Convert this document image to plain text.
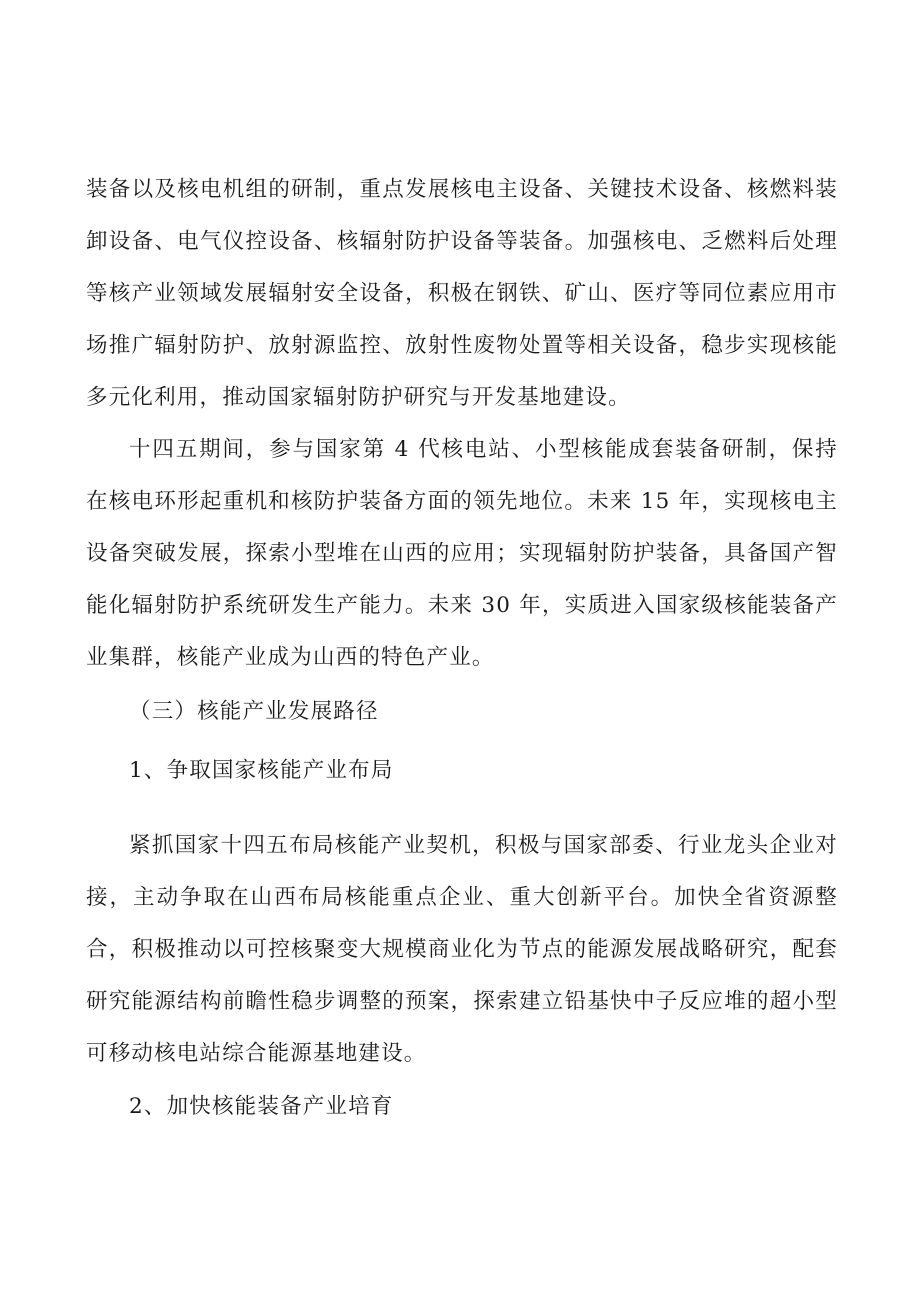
装备以及核电机组的研制，重点发展核电主设备、关键技术设备、核燃料装卸设备、电气仪控设备、核辐射防护设备等装备。加强核电、乏燃料后处理等核产业领域发展辐射安全设备，积极在钢铁、矿山、医疗等同位素应用市场推广辐射防护、放射源监控、放射性废物处置等相关设备，稳步实现核能多元化利用，推动国家辐射防护研究与开发基地建设。

十四五期间，参与国家第 4 代核电站、小型核能成套装备研制，保持在核电环形起重机和核防护装备方面的领先地位。未来 15 年，实现核电主设备突破发展，探索小型堆在山西的应用；实现辐射防护装备，具备国产智能化辐射防护系统研发生产能力。未来 30 年，实质进入国家级核能装备产业集群，核能产业成为山西的特色产业。

（三）核能产业发展路径

1、争取国家核能产业布局

紧抓国家十四五布局核能产业契机，积极与国家部委、行业龙头企业对接，主动争取在山西布局核能重点企业、重大创新平台。加快全省资源整合，积极推动以可控核聚变大规模商业化为节点的能源发展战略研究，配套研究能源结构前瞻性稳步调整的预案，探索建立铅基快中子反应堆的超小型可移动核电站综合能源基地建设。

2、加快核能装备产业培育
